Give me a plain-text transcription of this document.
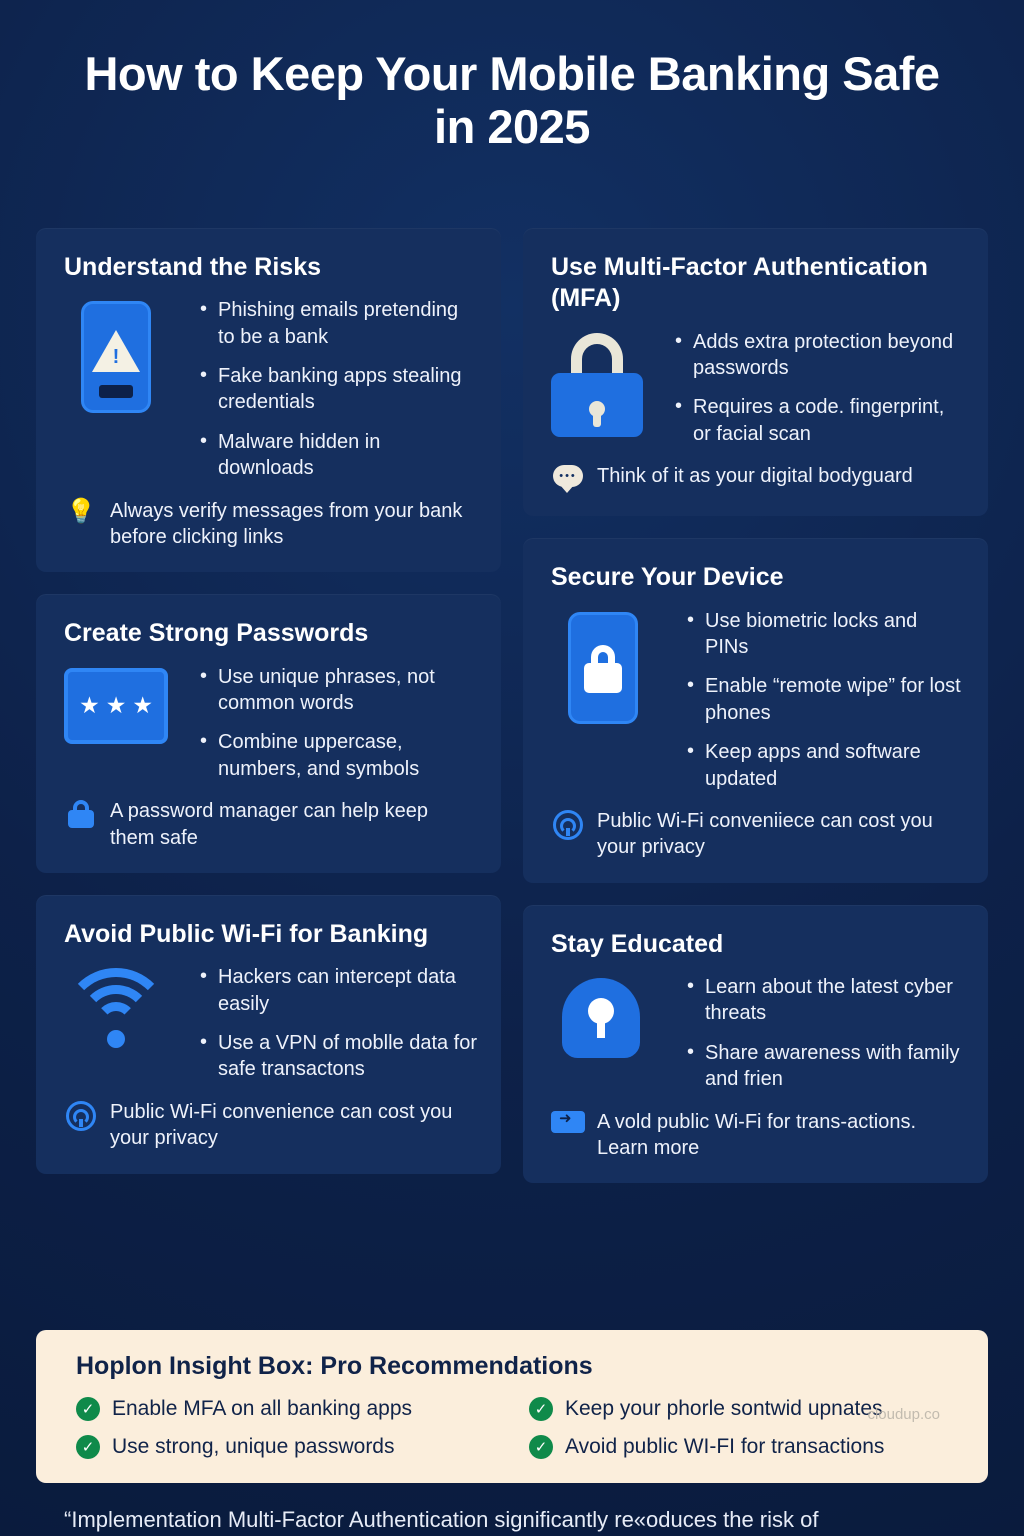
How to Keep Your Mobile Banking Safe in 2025
Understand the Risks
!
• Phishing emails pretending to be a bank
• Fake banking apps stealing credentials
• Malware hidden in downloads
💡 Always verify messages from your bank before clicking links
Create Strong Passwords
★ ★ ★
• Use unique phrases, not common words
• Combine uppercase, numbers, and symbols
A password manager can help keep them safe
Avoid Public Wi-Fi for Banking
• Hackers can intercept data easily
• Use a VPN of moblle data for safe transactons
Public Wi-Fi convenience can cost you your privacy
Use Multi-Factor Authentication (MFA)
• Adds extra protection beyond passwords
• Requires a code. fingerprint, or facial scan
••• Think of it as your digital bodyguard
Secure Your Device
• Use biometric locks and PINs
• Enable “remote wipe” for lost phones
• Keep apps and software updated
Public Wi-Fi conveniiece can cost you your privacy
Stay Educated
• Learn about the latest cyber threats
• Share awareness with family and frien
➜
A vold public Wi-Fi for trans-actions. Learn more
Hoplon Insight Box: Pro Recommendations
✓ Enable MFA on all banking apps	✓ Keep your phorle sontwid upnates
✓ Use strong, unique passwords	✓ Avoid public WI-FI for transactions
cloudup.co
“Implementation Multi-Factor Authentication significantly re«oduces the risk of
